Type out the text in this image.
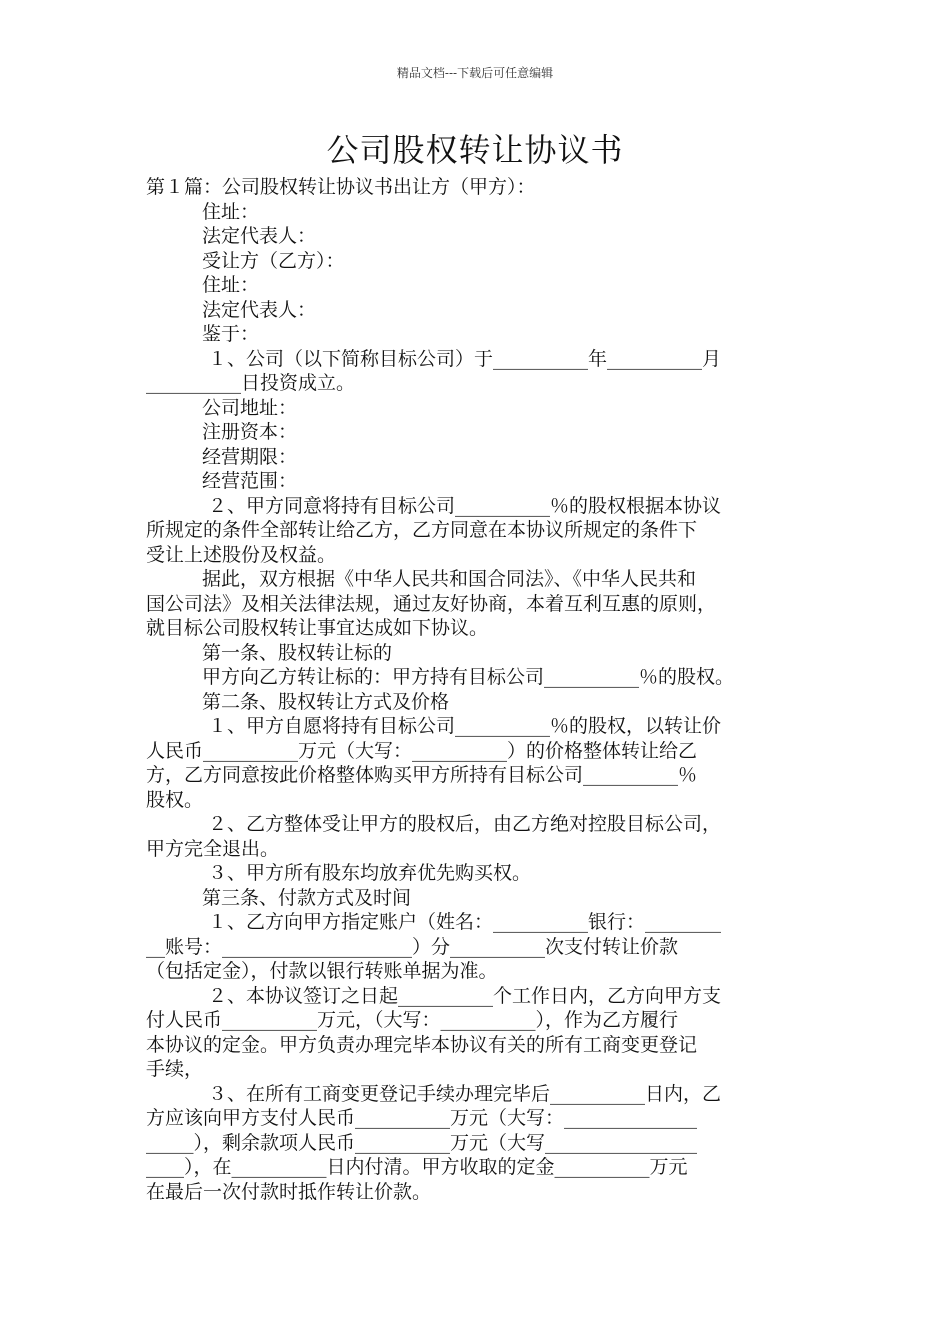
精品文档---下载后可任意编辑
公司股权转让协议书
第１篇：公司股权转让协议书出让方（甲方）：
住址：
法定代表人：
受让方（乙方）：
住址：
法定代表人：
鉴于：
１、公司（以下简称目标公司）于__________年__________月
__________日投资成立。
公司地址：
注册资本：
经营期限：
经营范围：
２、甲方同意将持有目标公司__________％的股权根据本协议
所规定的条件全部转让给乙方，乙方同意在本协议所规定的条件下
受让上述股份及权益。
据此，双方根据《中华人民共和国合同法》、《中华人民共和
国公司法》及相关法律法规，通过友好协商，本着互利互惠的原则，
就目标公司股权转让事宜达成如下协议。
第一条、股权转让标的
甲方向乙方转让标的：甲方持有目标公司__________％的股权。
第二条、股权转让方式及价格
１、甲方自愿将持有目标公司__________％的股权，以转让价
人民币__________万元（大写：__________）的价格整体转让给乙
方，乙方同意按此价格整体购买甲方所持有目标公司__________％
股权。
２、乙方整体受让甲方的股权后，由乙方绝对控股目标公司，
甲方完全退出。
３、甲方所有股东均放弃优先购买权。
第三条、付款方式及时间
１、乙方向甲方指定账户（姓名：__________银行：________
__账号：____________________）分__________次支付转让价款
（包括定金），付款以银行转账单据为准。
２、本协议签订之日起__________个工作日内，乙方向甲方支
付人民币__________万元，（大写：__________），作为乙方履行
本协议的定金。甲方负责办理完毕本协议有关的所有工商变更登记
手续，
３、在所有工商变更登记手续办理完毕后__________日内，乙
方应该向甲方支付人民币__________万元（大写：______________
_____），剩余款项人民币__________万元（大写________________
____），在__________日内付清。甲方收取的定金__________万元
在最后一次付款时抵作转让价款。
